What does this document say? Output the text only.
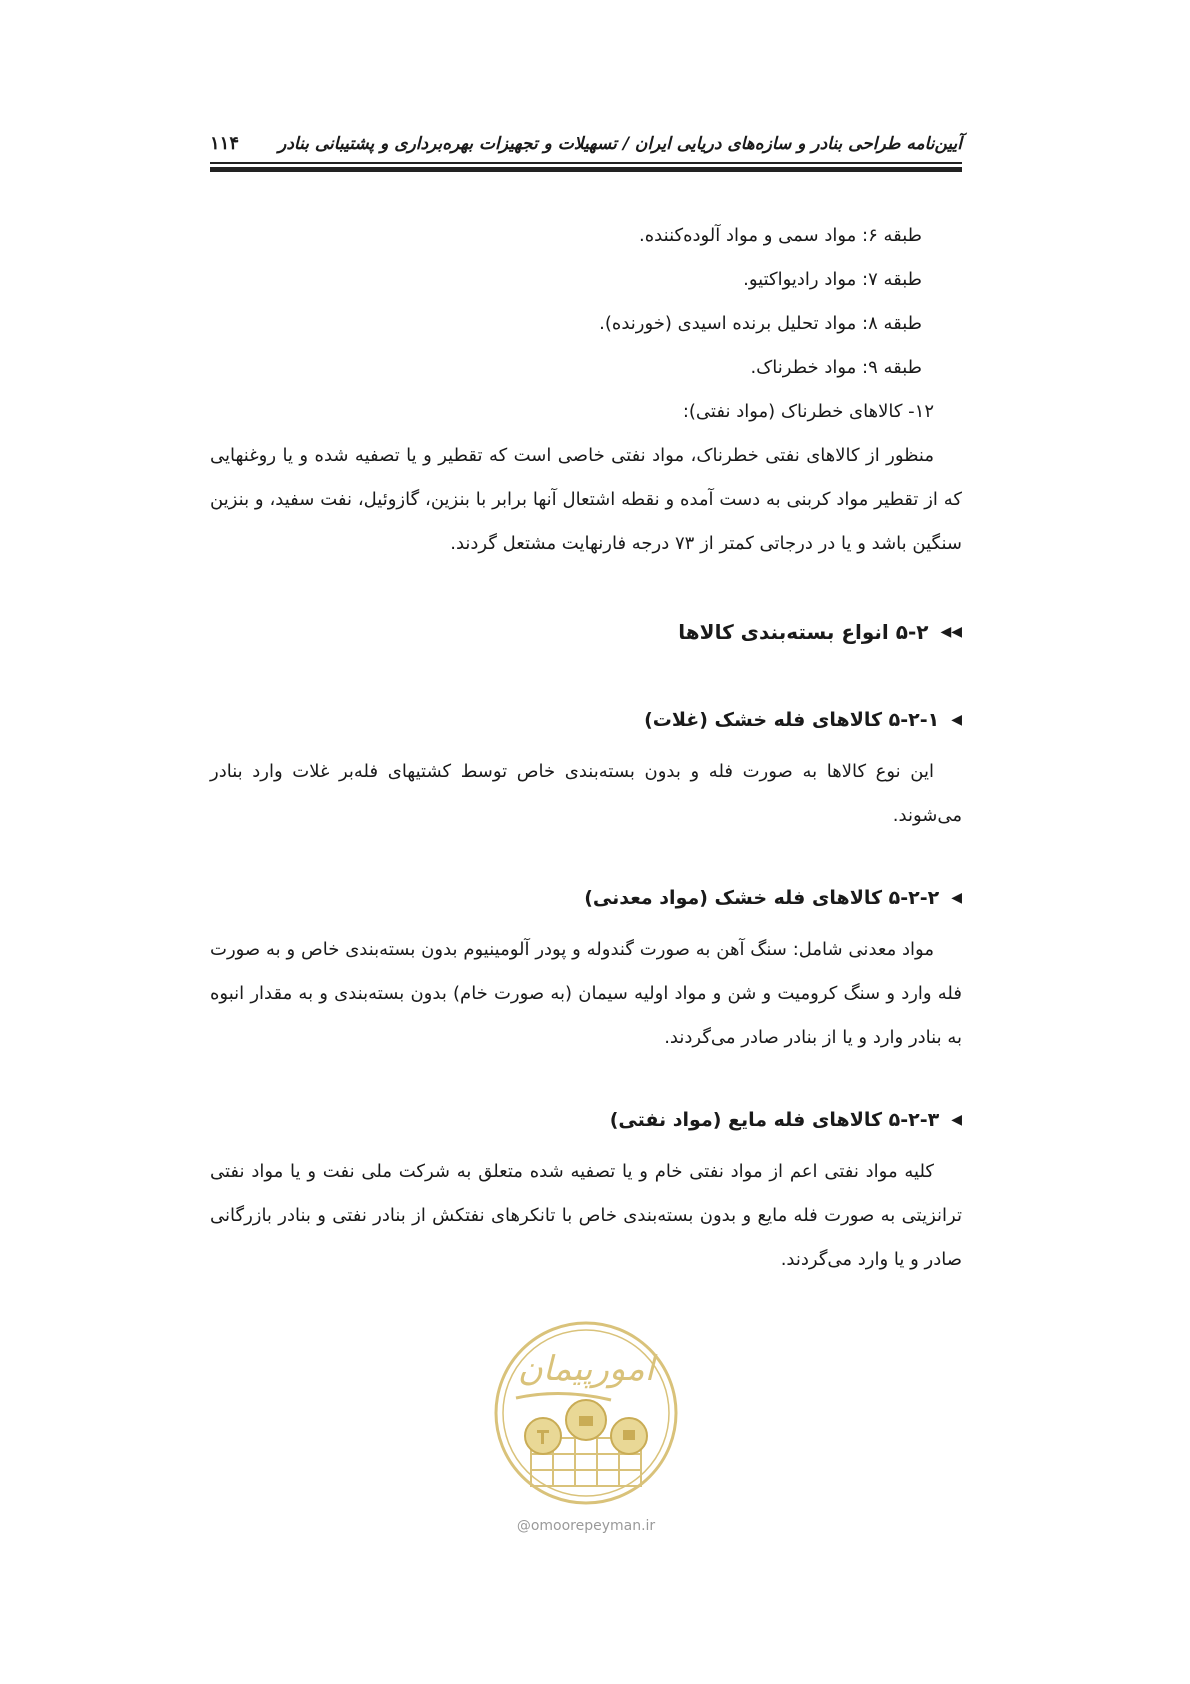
آیین‌نامه طراحی بنادر و سازه‌های دریایی ایران / تسهیلات و تجهیزات بهره‌برداری و پشتیبانی بنادر
۱۱۴
طبقه ۶: مواد سمی و مواد آلوده‌کننده.
طبقه ۷: مواد رادیواکتیو.
طبقه ۸: مواد تحلیل برنده اسیدی (خورنده).
طبقه ۹: مواد خطرناک.
۱۲- کالاهای خطرناک (مواد نفتی):

منظور از کالاهای نفتی خطرناک، مواد نفتی خاصی است که تقطیر و یا تصفیه شده و یا روغنهایی که از تقطیر مواد کربنی به دست آمده و نقطه اشتعال آنها برابر با بنزین، گازوئیل، نفت سفید، و بنزین سنگین باشد و یا در درجاتی کمتر از ۷۳ درجه فارنهایت مشتعل گردند.

◀◀
۵-۲ انواع بسته‌بندی کالاها
◀
۵-۲-۱ کالاهای فله خشک (غلات)

این نوع کالاها به صورت فله و بدون بسته‌بندی خاص توسط کشتیهای فله‌بر غلات وارد بنادر می‌شوند.

◀
۵-۲-۲ کالاهای فله خشک (مواد معدنی)

مواد معدنی شامل: سنگ آهن به صورت گندوله و پودر آلومینیوم بدون بسته‌بندی خاص و به صورت فله وارد و سنگ کرومیت و شن و مواد اولیه سیمان (به صورت خام) بدون بسته‌بندی و به مقدار انبوه به بنادر وارد و یا از بنادر صادر می‌گردند.

◀
۵-۲-۳ کالاهای فله مایع (مواد نفتی)

کلیه مواد نفتی اعم از مواد نفتی خام و یا تصفیه شده متعلق به شرکت ملی نفت و یا مواد نفتی ترانزیتی به صورت فله مایع و بدون بسته‌بندی خاص با تانکرهای نفتکش از بنادر نفتی و بنادر بازرگانی صادر و یا وارد می‌گردند.

امورپیمان
@omoorepeyman.ir
